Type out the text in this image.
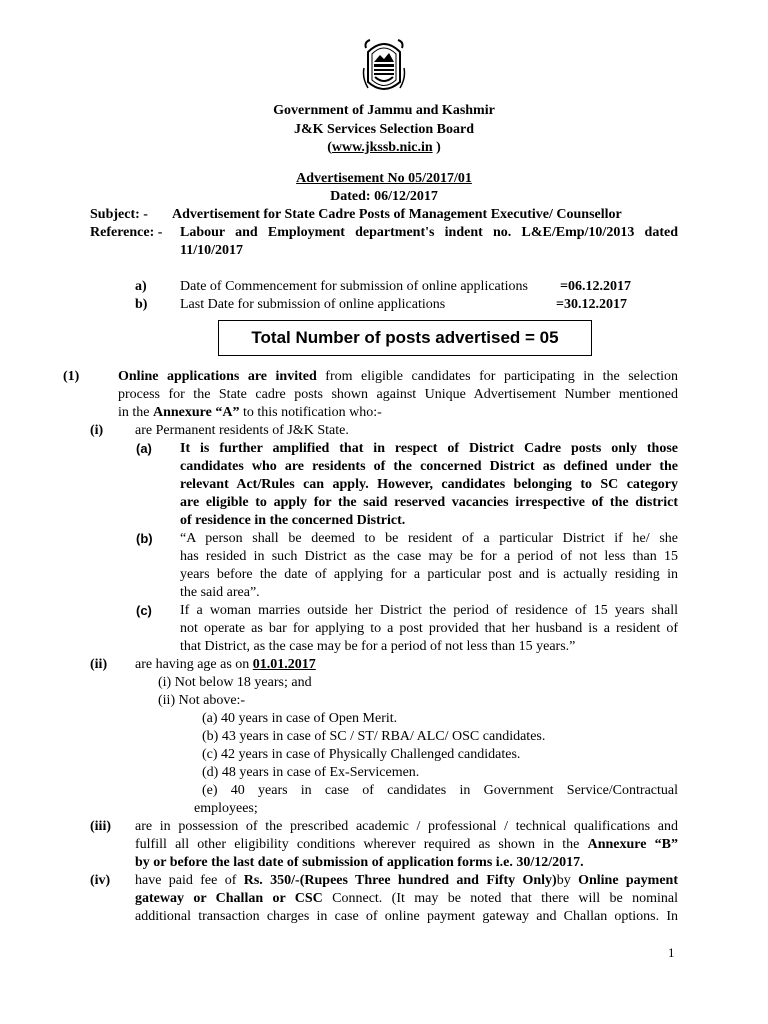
Government of Jammu and Kashmir
J&K Services Selection Board
(www.jkssb.nic.in )
Advertisement No 05/2017/01
Dated: 06/12/2017
Subject: - Advertisement for State Cadre Posts of Management Executive/ Counsellor
Reference: - Labour and Employment department's indent no. L&E/Emp/10/2013 dated
11/10/2017
a) Date of Commencement for submission of online applications =06.12.2017
b) Last Date for submission of online applications	=30.12.2017
Total Number of posts advertised = 05
(1)	Online applications are invited from eligible candidates for participating in the selection
process for the State cadre posts shown against Unique Advertisement Number mentioned
in the Annexure “A” to this notification who:-
(i) are Permanent residents of J&K State.
(a) It is further amplified that in respect of District Cadre posts only those
candidates who are residents of the concerned District as defined under the
relevant Act/Rules can apply. However, candidates belonging to SC category
are eligible to apply for the said reserved vacancies irrespective of the district
of residence in the concerned District.
(b) “A person shall be deemed to be resident of a particular District if he/ she
has resided in such District as the case may be for a period of not less than 15
years before the date of applying for a particular post and is actually residing in
the said area”.
(c) If a woman marries outside her District the period of residence of 15 years shall
not operate as bar for applying to a post provided that her husband is a resident of
that District, as the case may be for a period of not less than 15 years.”
(ii) are having age as on 01.01.2017
(i) Not below 18 years; and
(ii) Not above:-
(a) 40 years in case of Open Merit.
(b) 43 years in case of SC / ST/ RBA/ ALC/ OSC candidates.
(c) 42 years in case of Physically Challenged candidates.
(d) 48 years in case of Ex-Servicemen.
(e) 40 years in case of candidates in Government Service/Contractual
employees;
(iii) are in possession of the prescribed academic / professional / technical qualifications and
fulfill all other eligibility conditions wherever required as shown in the Annexure “B”
by or before the last date of submission of application forms i.e. 30/12/2017.
(iv) have paid fee of Rs. 350/-(Rupees Three hundred and Fifty Only)by Online payment
gateway or Challan or CSC Connect. (It may be noted that there will be nominal
additional transaction charges in case of online payment gateway and Challan options. In
1
